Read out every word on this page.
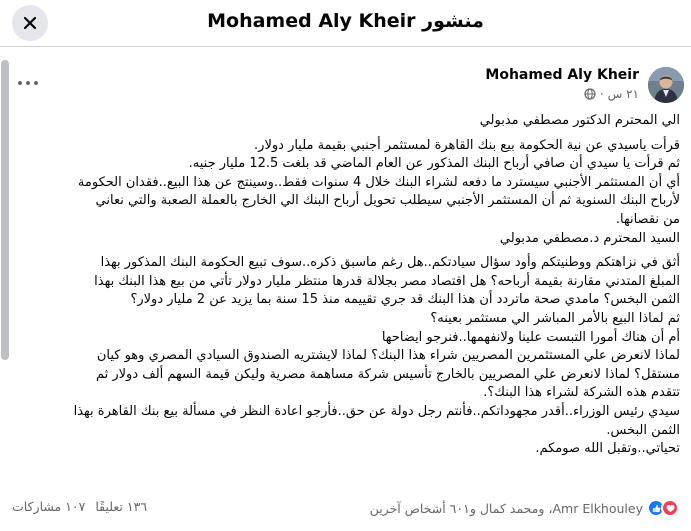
منشور Mohamed Aly Kheir
Mohamed Aly Kheir
٢١ س
·

الي المحترم الدكتور مصطفي مدبولي

قرأت ياسيدي عن نية الحكومة بيع بنك القاهرة لمستثمر أجنبي بقيمة مليار دولار.

ثم قرأت يا سيدي أن صافي أرباح البنك المذكور عن العام الماضي قد بلغت 12.5 مليار جنيه.

أي أن المستثمر الأجنبي سيسترد ما دفعه لشراء البنك خلال 4 سنوات فقط..وسينتج عن هذا البيع..فقدان الحكومة

لأرباح البنك السنوية ثم أن المستثمر الأجنبي سيطلب تحويل أرباح البنك الي الخارج بالعملة الصعبة والتي نعاني

من نقصانها.

السيد المحترم د.مصطفي مدبولي

أثق في نزاهتكم ووطنيتكم وأود سؤال سيادتكم..هل رغم ماسبق ذكره..سوف تبيع الحكومة البنك المذكور بهذا

المبلغ المتدني مقارنة بقيمة أرباحه؟ هل اقتصاد مصر بجلالة قدرها منتظر مليار دولار تأتي من بيع هذا البنك بهذا

الثمن البخس؟ مامدي صحة ماتردد أن هذا البنك قد جري تقييمه منذ 15 سنة بما يزيد عن 2 مليار دولار؟

ثم لماذا البيع بالأمر المباشر الي مستثمر بعينه؟

أم أن هناك أمورا التبست علينا ولانفهمها..فنرجو ايضاحها

لماذا لانعرض علي المستثمرين المصريين شراء هذا البنك؟ لماذا لايشتريه الصندوق السيادي المصري وهو كيان

مستقل؟ لماذا لانعرض علي المصريين بالخارج تأسيس شركة مساهمة مصرية وليكن قيمة السهم ألف دولار ثم

تتقدم هذه الشركة لشراء هذا البنك؟.

سيدي رئيس الوزراء..أقدر مجهوداتكم..فأنتم رجل دولة عن حق..فأرجو اعادة النظر في مسألة بيع بنك القاهرة بهذا

الثمن البخس.

تحياتي..وتقبل الله صومكم.

Amr Elkhouley، ومحمد كمال و٦٠١ أشخاص آخرين
١٣٦ تعليقًا
١٠٧ مشاركات
